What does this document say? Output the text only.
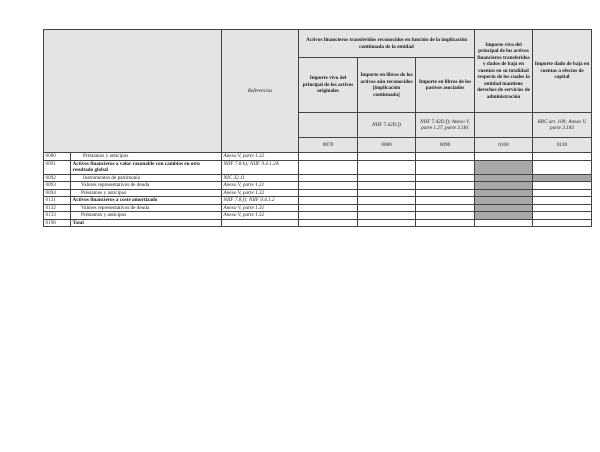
		Referencias	Activos financieros transferidos reconocidos en función de la implicación continuada de la entidad			Importe vivo del principal de los activos financieros transferidos y dados de baja en cuentas en su totalidad respecto de los cuales la entidad mantiene derechos de servicios de administración	Importe dado de baja en cuentas a efectos de capital
			Importe vivo del principal de los activos originales	Importe en libros de los activos aún reconocidos [implicación continuada]	Importe en libros de los pasivos asociados		
				NIIF 7.42D.f)	NIIF 7.42D.f); Anexo V, parte 1.27, parte 3.181		RRC art. 109; Anexo V, parte 3.183
			0070	0080	0090	0100	0110
0080	Préstamos y anticipos	Anexo V, parte 1.32					
0091	Activos financieros a valor razonable con cambios en otro resultado global	NIIF 7.8.h); NIIF 9.4.1.2A					
0092	Instrumentos de patrimonio	NIC 32.11					
0093	Valores representativos de deuda	Anexo V, parte 1.31					
0094	Préstamos y anticipos	Anexo V, parte 1.32					
0131	Activos financieros a coste amortizado	NIIF 7.8.f); NIIF 9.4.1.2					
0132	Valores representativos de deuda	Anexo V, parte 1.31					
0133	Préstamos y anticipos	Anexo V, parte 1.32					
0190	Total						
